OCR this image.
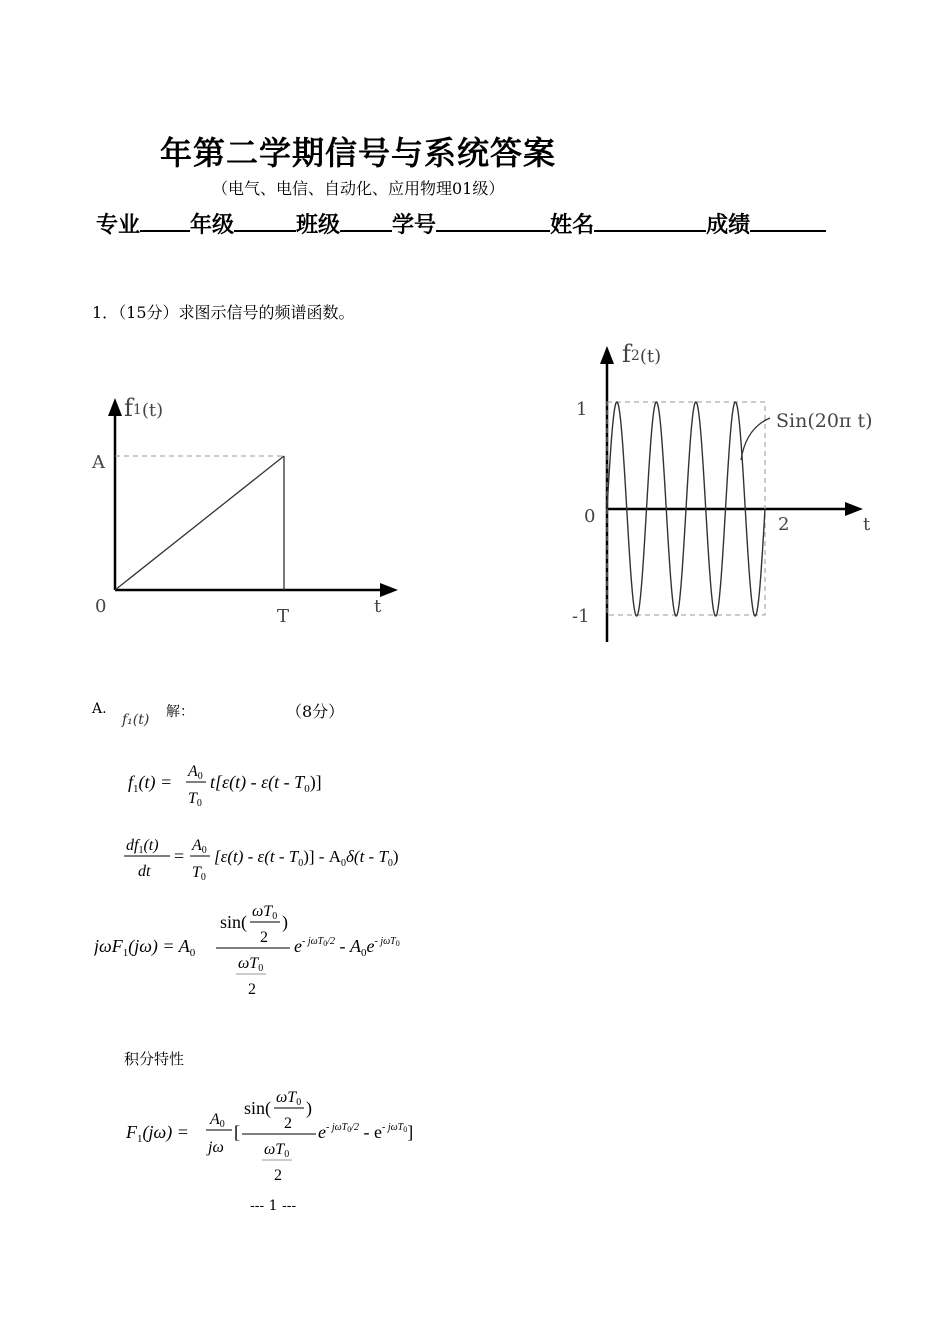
年第二学期信号与系统答案
（电气、电信、自动化、应用物理01级）
专业 年级	班级 学号	姓名	成绩
1．（15分）求图示信号的频谱函数。
f1(t)
A
0	T	t
f2(t)
1
0
-1
2	t
Sin(20π t)
A.
f₁(t) 解：	（8分）
$f_1(t)$ =
A0
T0
$t[\varepsilon(t) - \varepsilon(t - T_0)]$
df1(t)
dt
=
A0
T0
$[\varepsilon(t) - \varepsilon(t - T_0)] - A_0\delta(t - T_0)$
$j\omega F_1(j\omega) = A_0$
sin(
ωT0
2
)
ωT0
2
$e^{- j\omega T}0/2 - A_0e^{- j\omega T}0$
积分特性
$F_1(j\omega)$ =
A0
jω
[
sin(
ωT0
2
)
ωT0
2
$e^{- j\omega T}0/2 - e^{- j\omega T}0$]
--- 1 ---
